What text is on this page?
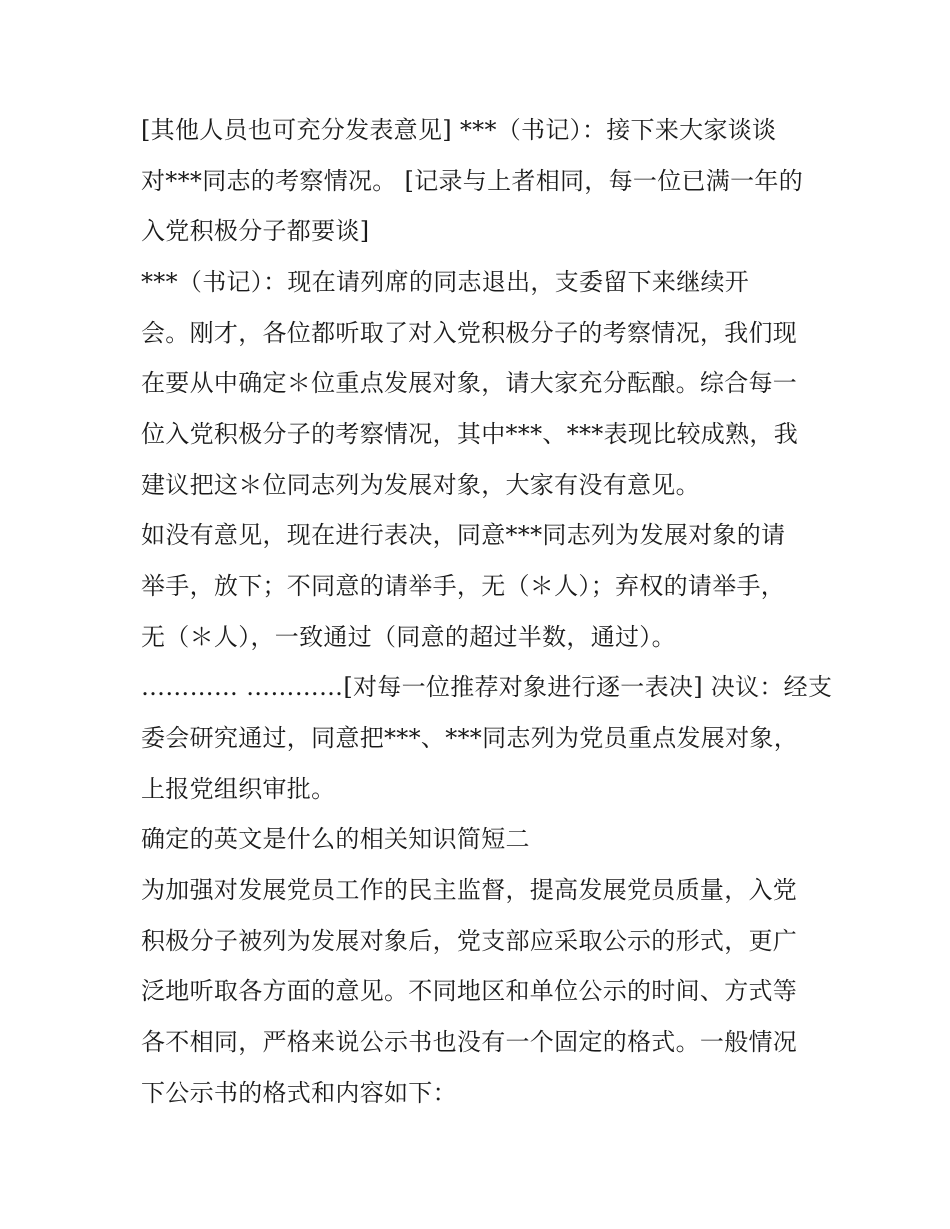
[其他人员也可充分发表意见] ***（书记）：接下来大家谈谈
对***同志的考察情况。 [记录与上者相同，每一位已满一年的
入党积极分子都要谈]
***（书记）：现在请列席的同志退出，支委留下来继续开
会。刚才，各位都听取了对入党积极分子的考察情况，我们现
在要从中确定＊位重点发展对象，请大家充分酝酿。综合每一
位入党积极分子的考察情况，其中***、***表现比较成熟，我
建议把这＊位同志列为发展对象，大家有没有意见。
如没有意见，现在进行表决，同意***同志列为发展对象的请
举手，放下；不同意的请举手，无（＊人）；弃权的请举手，
无（＊人），一致通过（同意的超过半数，通过）。
………… …………[对每一位推荐对象进行逐一表决] 决议：经支
委会研究通过，同意把***、***同志列为党员重点发展对象，
上报党组织审批。
确定的英文是什么的相关知识简短二
为加强对发展党员工作的民主监督，提高发展党员质量，入党
积极分子被列为发展对象后，党支部应采取公示的形式，更广
泛地听取各方面的意见。不同地区和单位公示的时间、方式等
各不相同，严格来说公示书也没有一个固定的格式。一般情况
下公示书的格式和内容如下：
